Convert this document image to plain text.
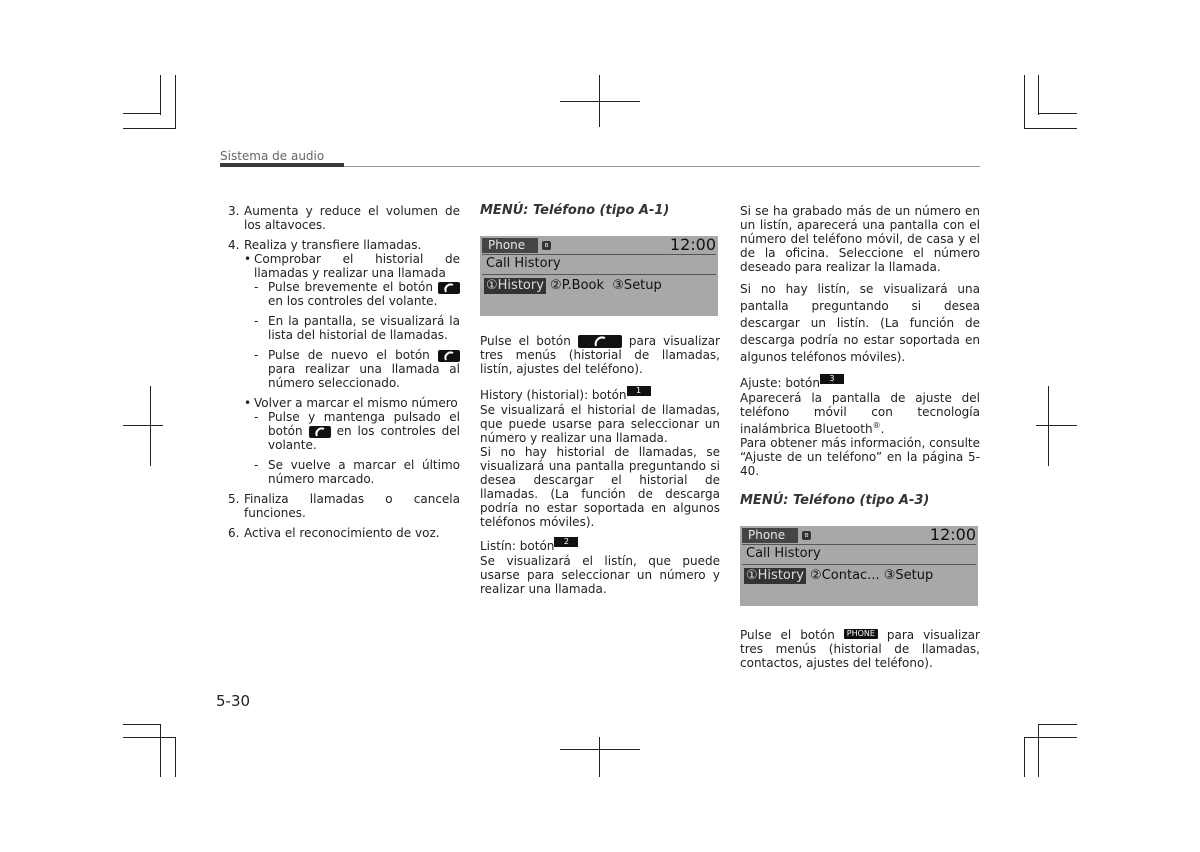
Sistema de audio
3. Aumenta y reduce el volumen de los altavoces.
4. Realiza y transfiere llamadas.
• Comprobar el historial de llamadas y realizar una llamada
- Pulse brevemente el botón
en los controles del volante.
- En la pantalla, se visualizará la lista del historial de llamadas.
- Pulse de nuevo el botón
para realizar una llamada al número seleccionado.
• Volver a marcar el mismo número
- Pulse y mantenga pulsado el botón	en los controles del volante.
- Se vuelve a marcar el último número marcado.
5. Finaliza llamadas o cancela funciones.
6. Activa el reconocimiento de voz.
MENÚ: Teléfono (tipo A-1)
Phone	ʙ	12:00
Call History
①History ②P.Book ③Setup

Pulse el botón	para visualizar tres menús (historial de llamadas, listín, ajustes del teléfono).

History (historial): botón 1

Se visualizará el historial de llamadas, que puede usarse para seleccionar un número y realizar una llamada.

Si no hay historial de llamadas, se visualizará una pantalla preguntando si desea descargar el historial de llamadas. (La función de descarga podría no estar soportada en algunos teléfonos móviles).

Listín: botón 2

Se visualizará el listín, que puede usarse para seleccionar un número y realizar una llamada.

Si se ha grabado más de un número en un listín, aparecerá una pantalla con el número del teléfono móvil, de casa y el de la oficina. Seleccione el número deseado para realizar la llamada.

Si no hay listín, se visualizará una pantalla preguntando si desea descargar un listín. (La función de descarga podría no estar soportada en algunos teléfonos móviles).

Ajuste: botón 3

Aparecerá la pantalla de ajuste del teléfono móvil con tecnología inalámbrica Bluetooth®.

Para obtener más información, consulte “Ajuste de un teléfono” en la página 5-40.

MENÚ: Teléfono (tipo A-3)
Phone	ʙ	12:00
Call History
①History ②Contac... ③Setup

Pulse el botón PHONE para visualizar tres menús (historial de llamadas, contactos, ajustes del teléfono).

5-30
